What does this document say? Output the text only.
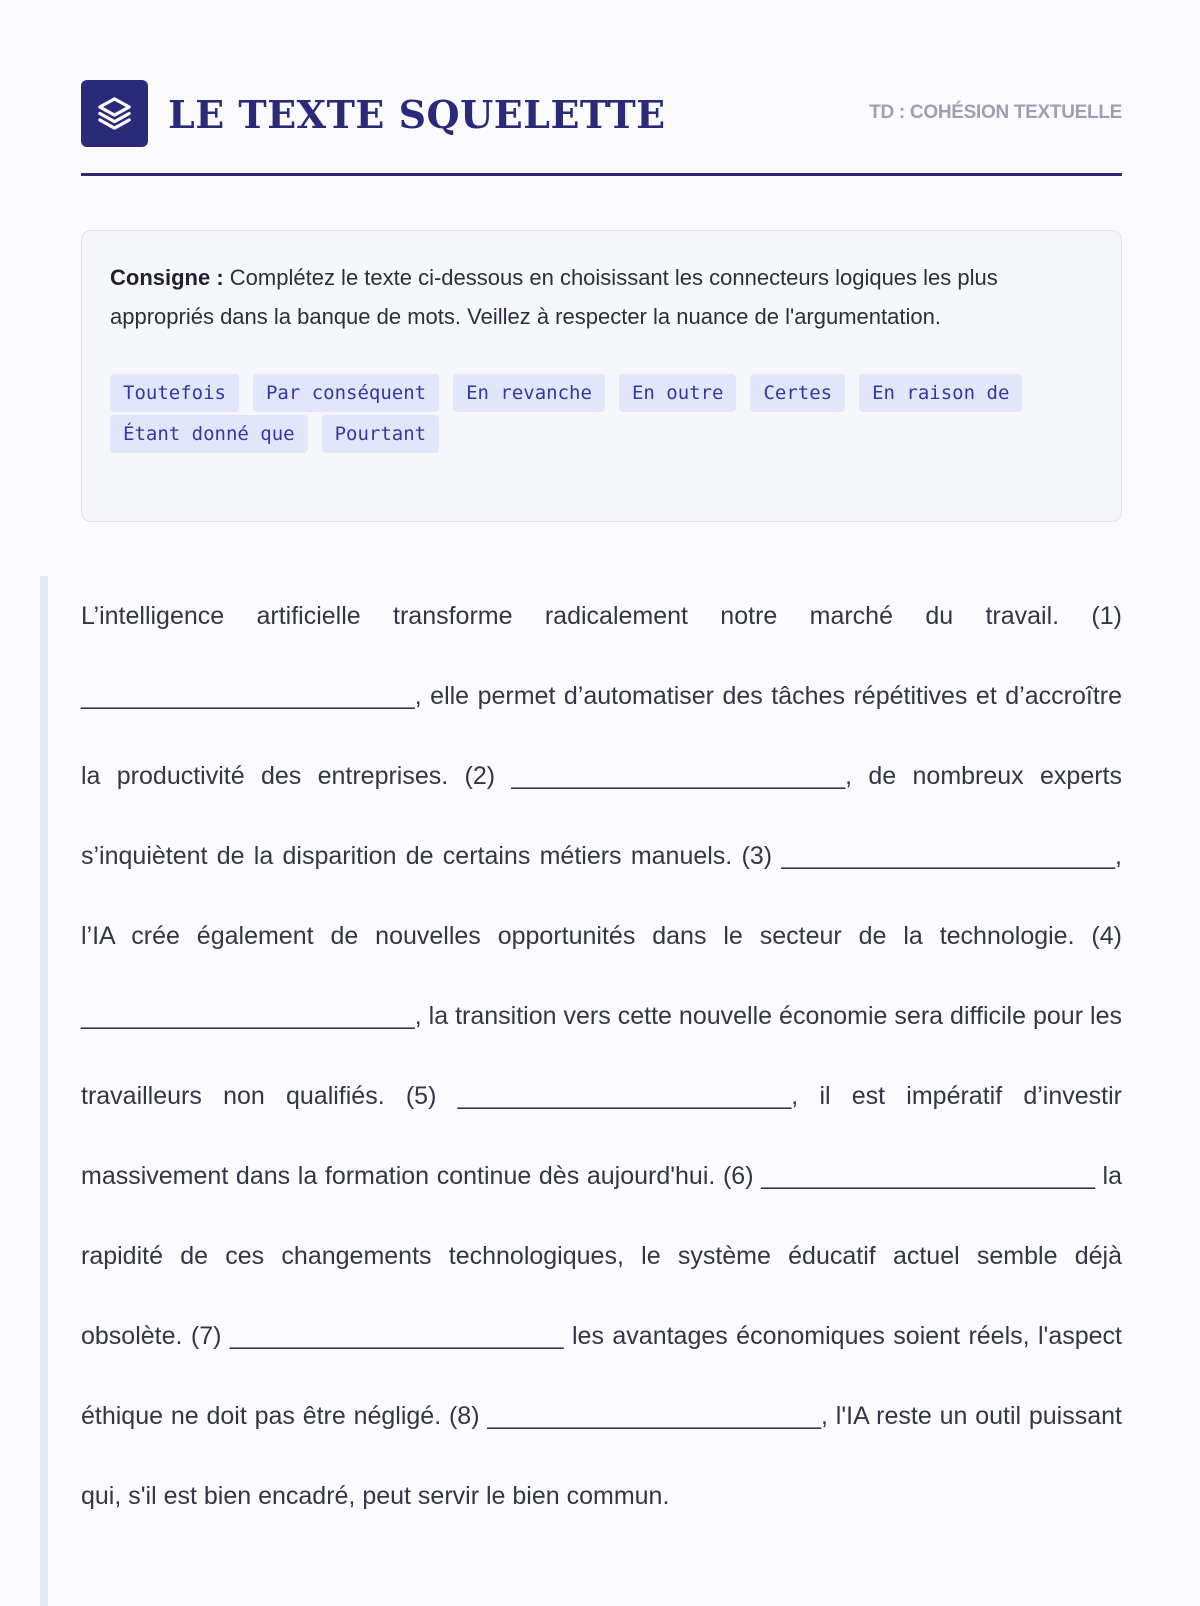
LE TEXTE SQUELETTE	TD : COHÉSION TEXTUELLE

Consigne : Complétez le texte ci-dessous en choisissant les connecteurs logiques les plus appropriés dans la banque de mots. Veillez à respecter la nuance de l'argumentation.

Toutefois Par conséquent En revanche En outre Certes En raison deÉtant donné que Pourtant

L’intelligence artificielle transforme radicalement notre marché du travail. (1) ________________________, elle permet d’automatiser des tâches répétitives et d’accroître la productivité des entreprises. (2) ________________________, de nombreux experts s’inquiètent de la disparition de certains métiers manuels. (3) ________________________, l’IA crée également de nouvelles opportunités dans le secteur de la technologie. (4) ________________________, la transition vers cette nouvelle économie sera difficile pour les travailleurs non qualifiés. (5) ________________________, il est impératif d’investir massivement dans la formation continue dès aujourd'hui. (6) ________________________ la rapidité de ces changements technologiques, le système éducatif actuel semble déjà obsolète. (7) ________________________ les avantages économiques soient réels, l'aspect éthique ne doit pas être négligé. (8) ________________________, l'IA reste un outil puissant qui, s'il est bien encadré, peut servir le bien commun.
